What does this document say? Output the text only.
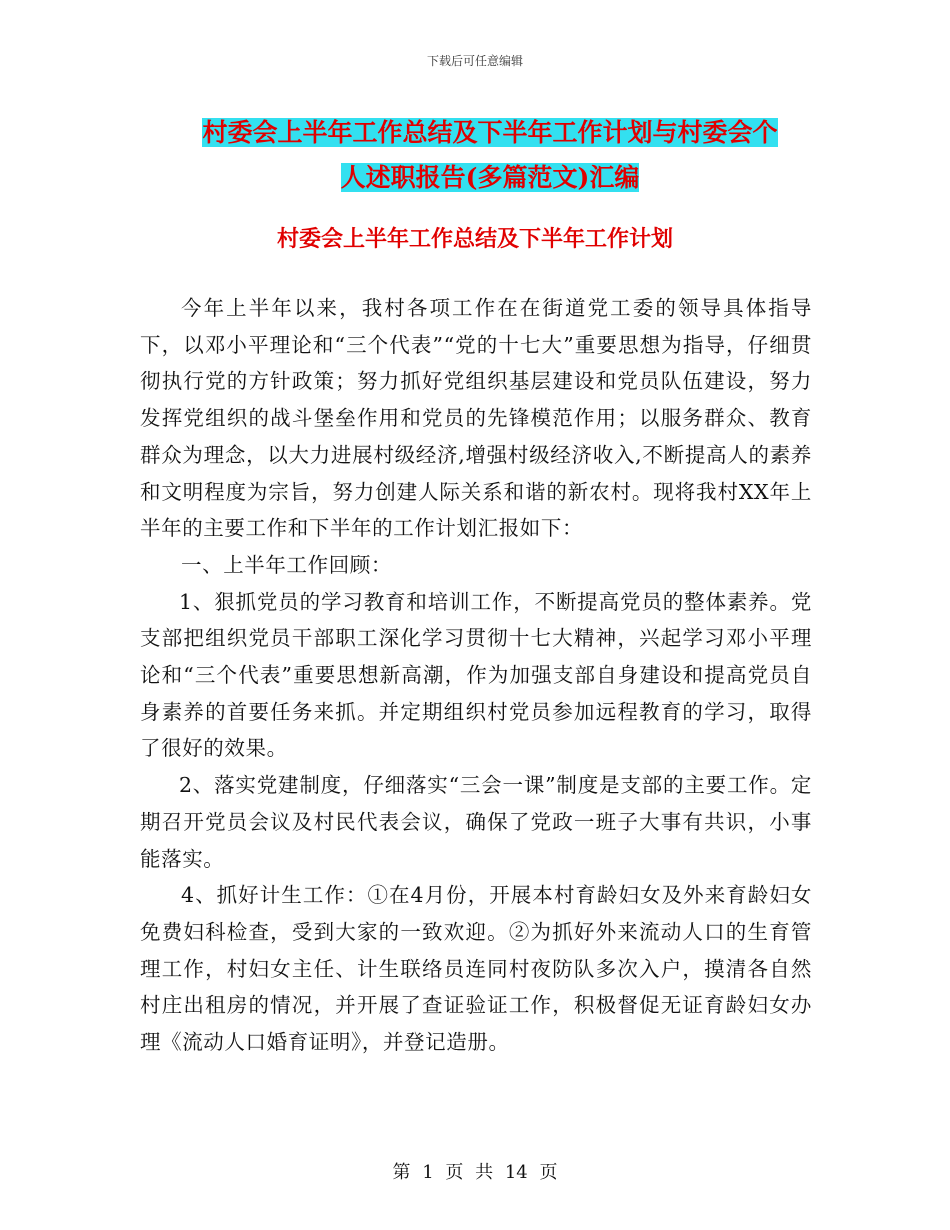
下载后可任意编辑
村委会上半年工作总结及下半年工作计划与村委会个
人述职报告(多篇范文)汇编
村委会上半年工作总结及下半年工作计划

今年上半年以来，我村各项工作在在街道党工委的领导具体指导下，以邓小平理论和“三个代表”“党的十七大”重要思想为指导，仔细贯彻执行党的方针政策；努力抓好党组织基层建设和党员队伍建设，努力发挥党组织的战斗堡垒作用和党员的先锋模范作用；以服务群众、教育群众为理念，以大力进展村级经济,增强村级经济收入,不断提高人的素养和文明程度为宗旨，努力创建人际关系和谐的新农村。现将我村XX年上半年的主要工作和下半年的工作计划汇报如下：

一、上半年工作回顾：

1、狠抓党员的学习教育和培训工作，不断提高党员的整体素养。党支部把组织党员干部职工深化学习贯彻十七大精神，兴起学习邓小平理论和“三个代表”重要思想新高潮，作为加强支部自身建设和提高党员自身素养的首要任务来抓。并定期组织村党员参加远程教育的学习，取得了很好的效果。

2、落实党建制度，仔细落实“三会一课”制度是支部的主要工作。定期召开党员会议及村民代表会议，确保了党政一班子大事有共识，小事能落实。

4、抓好计生工作：①在4月份，开展本村育龄妇女及外来育龄妇女免费妇科检查，受到大家的一致欢迎。②为抓好外来流动人口的生育管理工作，村妇女主任、计生联络员连同村夜防队多次入户，摸清各自然村庄出租房的情况，并开展了查证验证工作，积极督促无证育龄妇女办理《流动人口婚育证明》，并登记造册。

第 1 页 共 14 页
